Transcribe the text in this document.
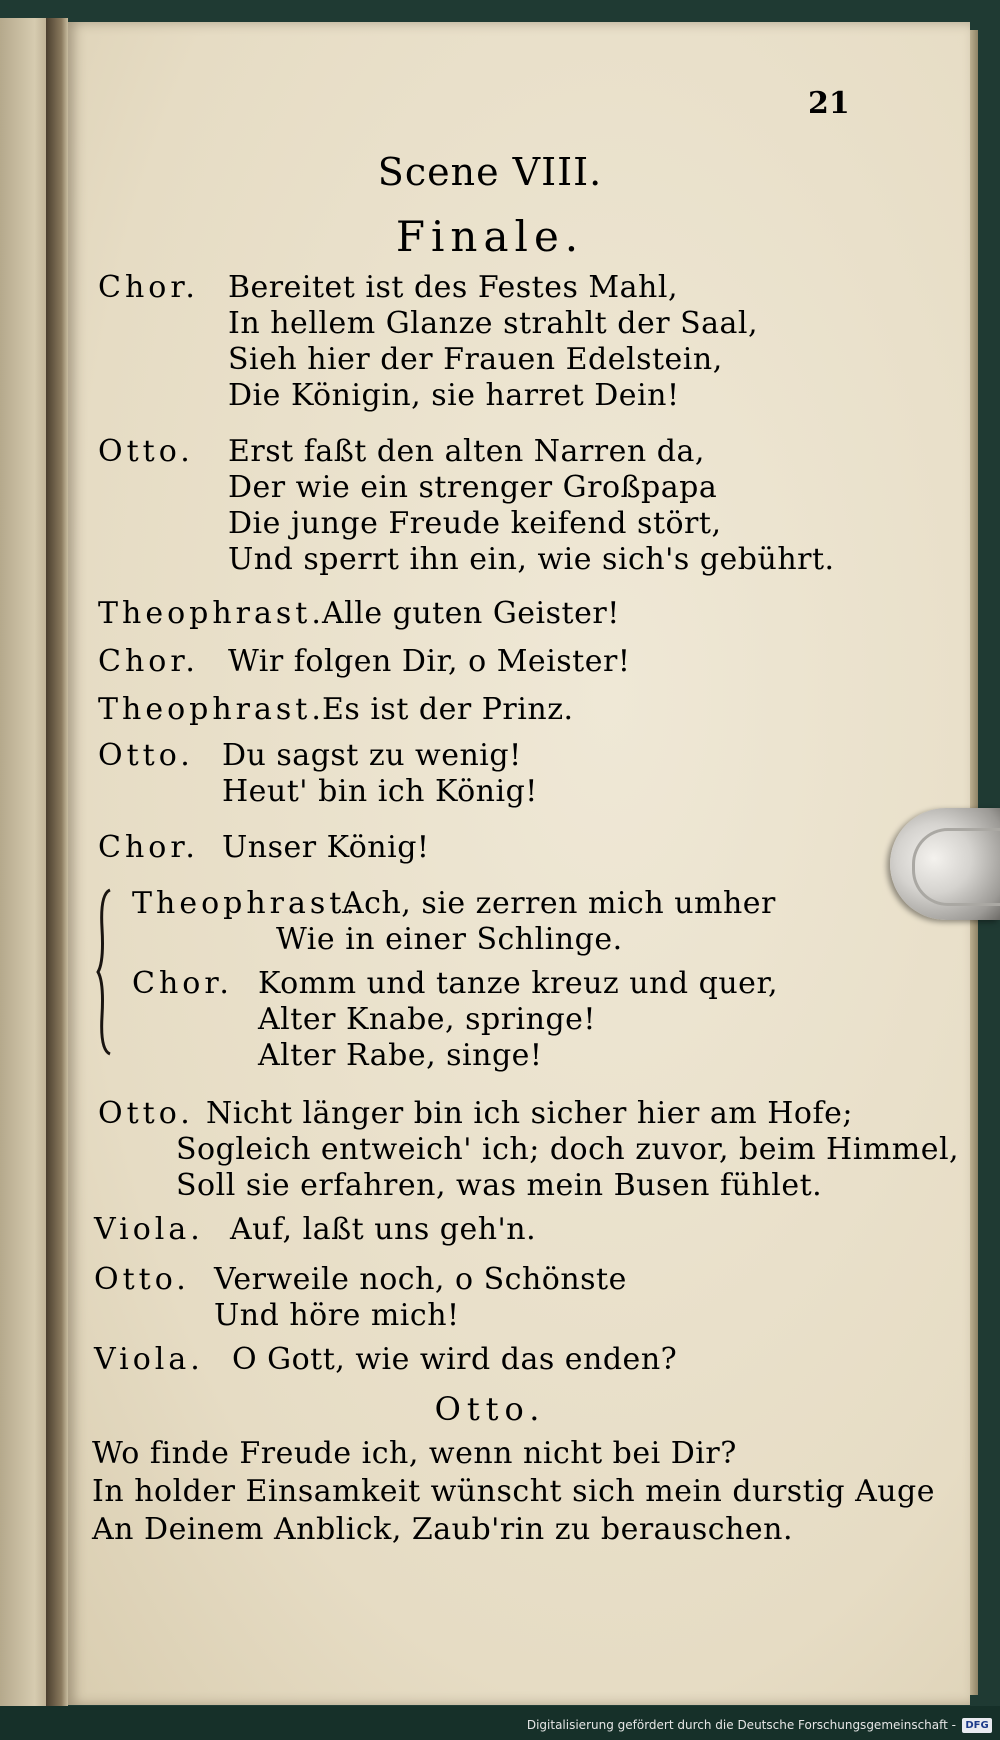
21
Scene VIII.
Finale.
Chor. Bereitet ist des Festes Mahl,
In hellem Glanze strahlt der Saal,
Sieh hier der Frauen Edelstein,
Die Königin, sie harret Dein!
Otto. Erst faßt den alten Narren da,
Der wie ein strenger Großpapa
Die junge Freude keifend stört,
Und sperrt ihn ein, wie sich's gebührt.
Theophrast.
Alle guten Geister!
Chor. Wir folgen Dir, o Meister!
Theophrast.
Es ist der Prinz.
Otto. Du sagst zu wenig!
Heut' bin ich König!
Chor. Unser König!
Theophrast.
Ach, sie zerren mich umher
Wie in einer Schlinge.
Chor. Komm und tanze kreuz und quer,
Alter Knabe, springe!
Alter Rabe, singe!
Otto. Nicht länger bin ich sicher hier am Hofe;
Sogleich entweich' ich; doch zuvor, beim Himmel,
Soll sie erfahren, was mein Busen fühlet.
Viola. Auf, laßt uns geh'n.
Otto. Verweile noch, o Schönste
Und höre mich!
Viola. O Gott, wie wird das enden?
Otto.
Wo finde Freude ich, wenn nicht bei Dir?
In holder Einsamkeit wünscht sich mein durstig Auge
An Deinem Anblick, Zaub'rin zu berauschen.
Digitalisierung gefördert durch die Deutsche Forschungsgemeinschaft - DFG
